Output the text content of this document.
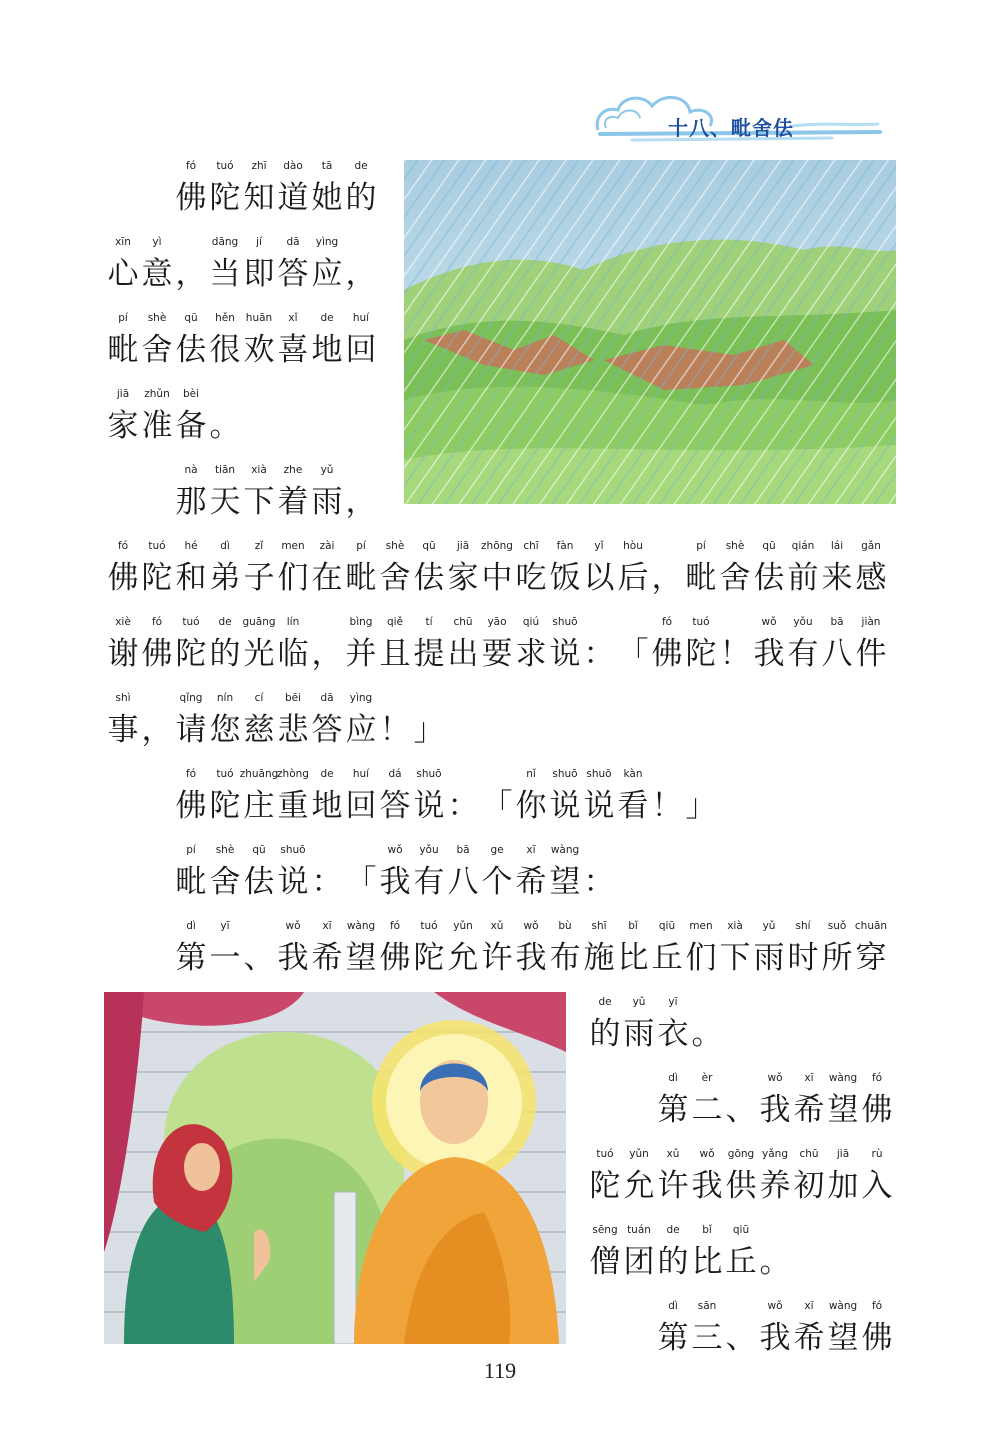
十八、毗舍佉
fó
佛
tuó
陀
zhī
知
dào
道
tā
她
de
的
xīn
心
yì
意 ，
dāng
当
jí
即
dā
答
yìng
应 ，
pí
毗
shè
舍
qū
佉
hěn
很
huān
欢
xǐ
喜
de
地
huí
回
jiā
家
zhǔn
准
bèi
备 。
nà
那
tiān
天
xià
下
zhe
着
yǔ
雨 ，
fó
佛
tuó
陀
hé
和
dì
弟
zǐ
子
men
们
zài
在
pí
毗
shè
舍
qū
佉
jiā
家
zhōng
中
chī
吃
fàn
饭
yǐ
以
hòu
后 ，
pí
毗
shè
舍
qū
佉
qián
前
lái
来
gǎn
感
xiè
谢
fó
佛
tuó
陀
de
的
guāng
光
lín
临 ，
bìng
并
qiě
且
tí
提
chū
出
yāo
要
qiú
求
shuō
说 ： 「
fó
佛
tuó
陀 ！
wǒ
我
yǒu
有
bā
八
jiàn
件
shì
事 ，
qǐng
请
nín
您
cí
慈
bēi
悲
dā
答
yìng
应 ！ 」
fó
佛
tuó
陀
zhuāng
庄
zhòng
重
de
地
huí
回
dá
答
shuō
说 ： 「
nǐ
你
shuō
说
shuō
说
kàn
看 ！ 」
pí
毗
shè
舍
qū
佉
shuō
说 ： 「
wǒ
我
yǒu
有
bā
八
ge
个
xī
希
wàng
望 ：
dì
第
yī
一 、
wǒ
我
xī
希
wàng
望
fó
佛
tuó
陀
yǔn
允
xǔ
许
wǒ
我
bù
布
shī
施
bǐ
比
qiū
丘
men
们
xià
下
yǔ
雨
shí
时
suǒ
所
chuān
穿
de
的
yǔ
雨
yī
衣 。
dì
第
èr
二 、
wǒ
我
xī
希
wàng
望
fó
佛
tuó
陀
yǔn
允
xǔ
许
wǒ
我
gōng
供
yǎng
养
chū
初
jiā
加
rù
入
sēng
僧
tuán
团
de
的
bǐ
比
qiū
丘 。
dì
第
sān
三 、
wǒ
我
xī
希
wàng
望
fó
佛
119
